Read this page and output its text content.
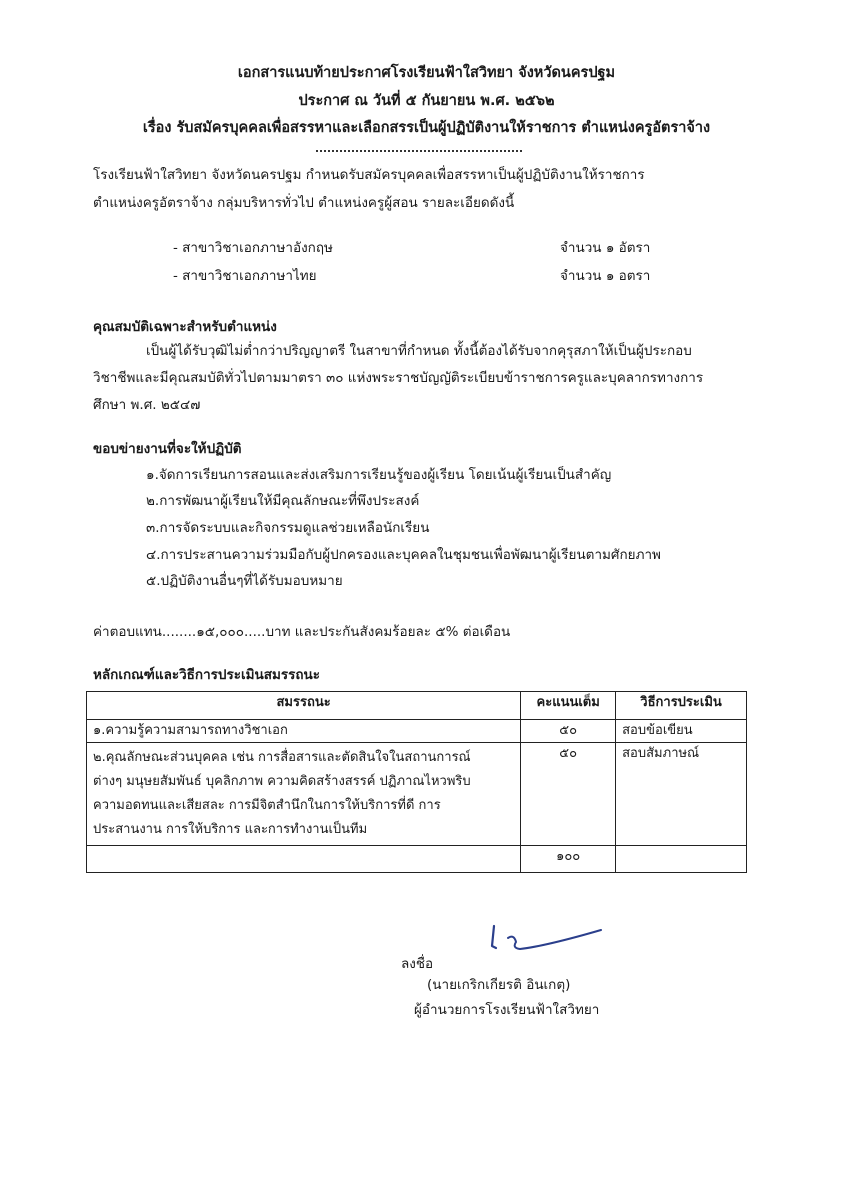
เอกสารแนบท้ายประกาศโรงเรียนฟ้าใสวิทยา จังหวัดนครปฐม
ประกาศ ณ วันที่ ๕ กันยายน พ.ศ. ๒๕๖๒
เรื่อง รับสมัครบุคคลเพื่อสรรหาและเลือกสรรเป็นผู้ปฏิบัติงานให้ราชการ ตำแหน่งครูอัตราจ้าง
โรงเรียนฟ้าใสวิทยา จังหวัดนครปฐม กำหนดรับสมัครบุคคลเพื่อสรรหาเป็นผู้ปฏิบัติงานให้ราชการ
ตำแหน่งครูอัตราจ้าง กลุ่มบริหารทั่วไป ตำแหน่งครูผู้สอน รายละเอียดดังนี้
- สาขาวิชาเอกภาษาอังกฤษ	จำนวน ๑ อัตรา
- สาขาวิชาเอกภาษาไทย	จำนวน ๑ อตรา
คุณสมบัติเฉพาะสำหรับตำแหน่ง
เป็นผู้ได้รับวุฒิไม่ต่ำกว่าปริญญาตรี ในสาขาที่กำหนด ทั้งนี้ต้องได้รับจากคุรุสภาให้เป็นผู้ประกอบ
วิชาชีพและมีคุณสมบัติทั่วไปตามมาตรา ๓๐ แห่งพระราชบัญญัติระเบียบข้าราชการครูและบุคลากรทางการ
ศึกษา พ.ศ. ๒๕๔๗
ขอบข่ายงานที่จะให้ปฏิบัติ
๑.จัดการเรียนการสอนและส่งเสริมการเรียนรู้ของผู้เรียน โดยเน้นผู้เรียนเป็นสำคัญ
๒.การพัฒนาผู้เรียนให้มีคุณลักษณะที่พึงประสงค์
๓.การจัดระบบและกิจกรรมดูแลช่วยเหลือนักเรียน
๔.การประสานความร่วมมือกับผู้ปกครองและบุคคลในชุมชนเพื่อพัฒนาผู้เรียนตามศักยภาพ
๕.ปฏิบัติงานอื่นๆที่ได้รับมอบหมาย
ค่าตอบแทน........๑๕,๐๐๐.....บาท และประกันสังคมร้อยละ ๕% ต่อเดือน
หลักเกณฑ์และวิธีการประเมินสมรรถนะ
สมรรถนะ	คะแนนเต็ม	วิธีการประเมิน

๑.ความรู้ความสามารถทางวิชาเอก	๕๐	สอบข้อเขียน

๒.คุณลักษณะส่วนบุคคล เช่น การสื่อสารและตัดสินใจในสถานการณ์
ต่างๆ มนุษยสัมพันธ์ บุคลิกภาพ ความคิดสร้างสรรค์ ปฏิภาณไหวพริบ
ความอดทนและเสียสละ การมีจิตสำนึกในการให้บริการที่ดี การ
ประสานงาน การให้บริการ และการทำงานเป็นทีม	๕๐	สอบสัมภาษณ์
	๑๐๐	
ลงชื่อ
(นายเกริกเกียรติ อินเกตุ)
ผู้อำนวยการโรงเรียนฟ้าใสวิทยา
